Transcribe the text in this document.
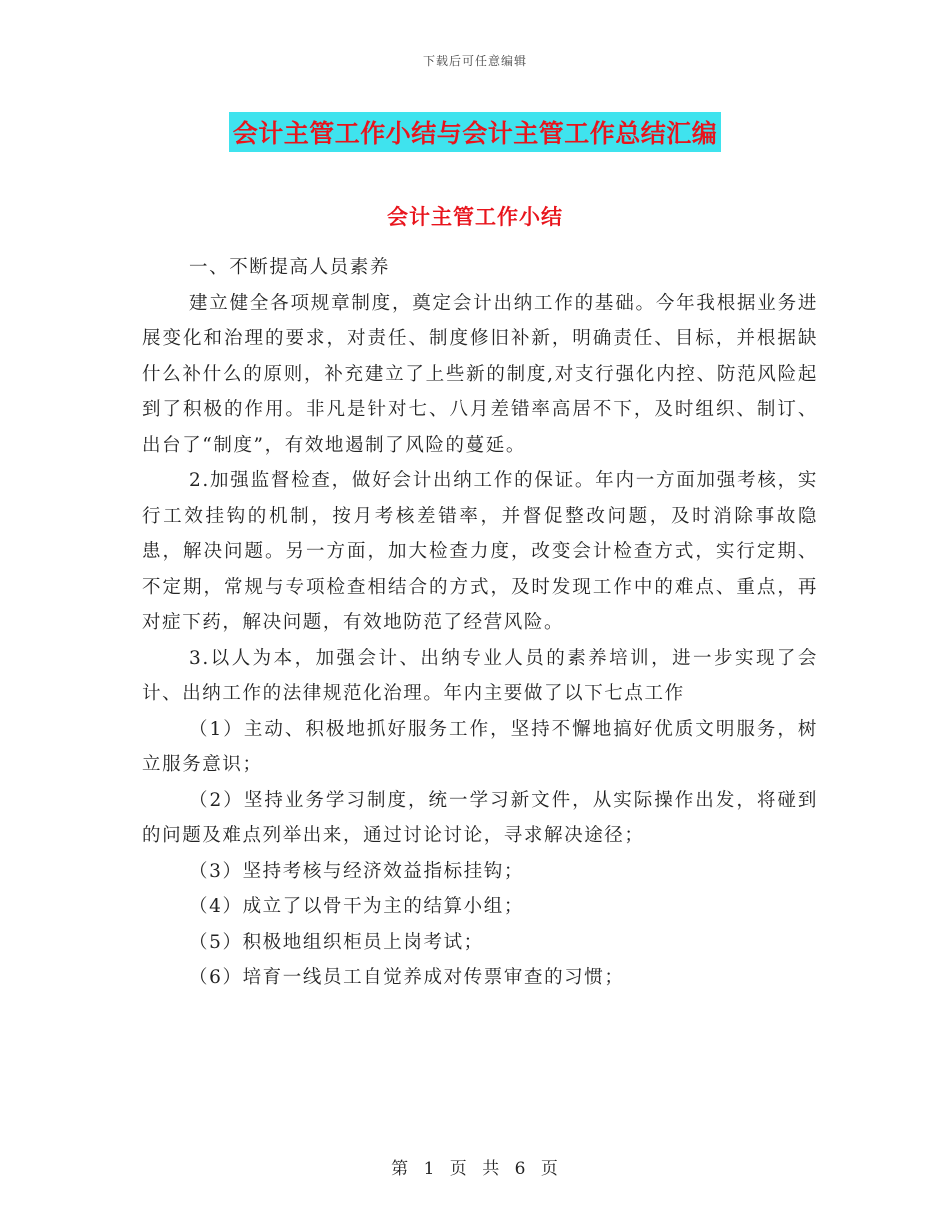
下载后可任意编辑
会计主管工作小结与会计主管工作总结汇编
会计主管工作小结

一、不断提高人员素养

建立健全各项规章制度，奠定会计出纳工作的基础。今年我根据业务进展变化和治理的要求，对责任、制度修旧补新，明确责任、目标，并根据缺什么补什么的原则，补充建立了上些新的制度,对支行强化内控、防范风险起到了积极的作用。非凡是针对七、八月差错率高居不下，及时组织、制订、出台了“制度”，有效地遏制了风险的蔓延。

2.加强监督检查，做好会计出纳工作的保证。年内一方面加强考核，实行工效挂钩的机制，按月考核差错率，并督促整改问题，及时消除事故隐患，解决问题。另一方面，加大检查力度，改变会计检查方式，实行定期、不定期，常规与专项检查相结合的方式，及时发现工作中的难点、重点，再对症下药，解决问题，有效地防范了经营风险。

3.以人为本，加强会计、出纳专业人员的素养培训，进一步实现了会计、出纳工作的法律规范化治理。年内主要做了以下七点工作

（1）主动、积极地抓好服务工作，坚持不懈地搞好优质文明服务，树立服务意识；

（2）坚持业务学习制度，统一学习新文件，从实际操作出发，将碰到的问题及难点列举出来，通过讨论讨论，寻求解决途径；

（3）坚持考核与经济效益指标挂钩；

（4）成立了以骨干为主的结算小组；

（5）积极地组织柜员上岗考试；

（6）培育一线员工自觉养成对传票审查的习惯；

第 1 页 共 6 页
